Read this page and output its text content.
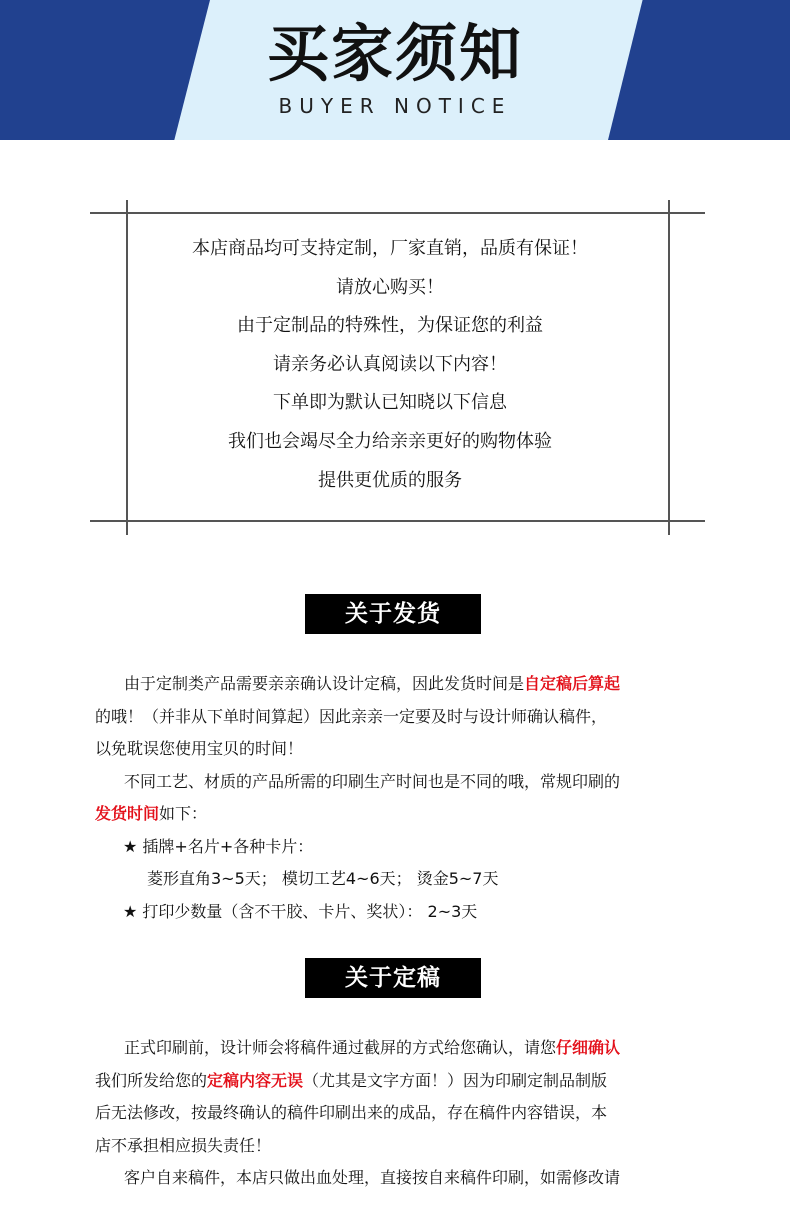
买家须知
BUYER NOTICE
本店商品均可支持定制，厂家直销，品质有保证！
请放心购买！
由于定制品的特殊性，为保证您的利益
请亲务必认真阅读以下内容！
下单即为默认已知晓以下信息
我们也会竭尽全力给亲亲更好的购物体验
提供更优质的服务
关于发货
由于定制类产品需要亲亲确认设计定稿，因此发货时间是自定稿后算起
的哦！（并非从下单时间算起）因此亲亲一定要及时与设计师确认稿件，
以免耽误您使用宝贝的时间！
不同工艺、材质的产品所需的印刷生产时间也是不同的哦，常规印刷的
发货时间如下：
★ 插牌+名片+各种卡片：
菱形直角3~5天； 模切工艺4~6天； 烫金5~7天
★ 打印少数量（含不干胶、卡片、奖状）： 2~3天
关于定稿
正式印刷前，设计师会将稿件通过截屏的方式给您确认，请您仔细确认
我们所发给您的定稿内容无误（尤其是文字方面！）因为印刷定制品制版
后无法修改，按最终确认的稿件印刷出来的成品，存在稿件内容错误，本
店不承担相应损失责任！
客户自来稿件，本店只做出血处理，直接按自来稿件印刷，如需修改请
